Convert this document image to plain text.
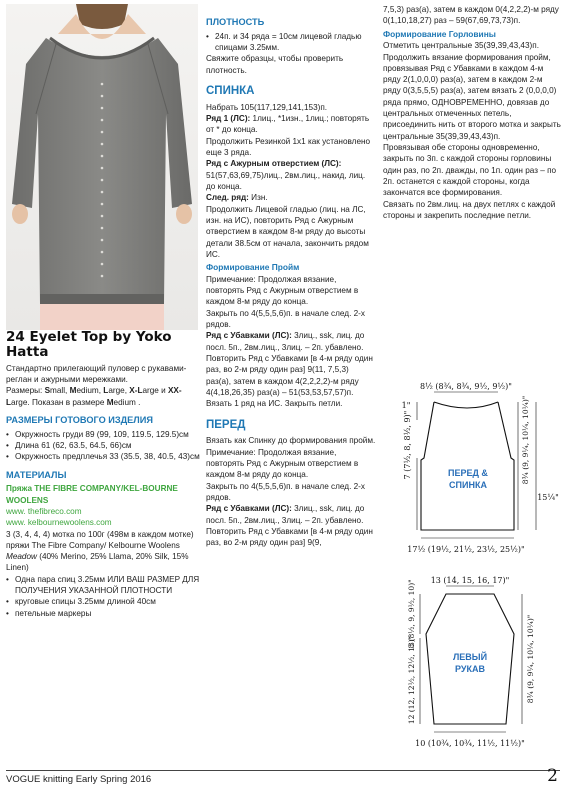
24 Eyelet Top by Yoko Hatta

Стандартно прилегающий пуловер с рукавами-реглан и ажурными мережками.

Размеры: Small, Medium, Large, X-Large и XX-Large. Показан в размере Medium .

РАЗМЕРЫ ГОТОВОГО ИЗДЕЛИЯ
• Окружность груди 89 (99, 109, 119.5, 129.5)см
• Длина 61 (62, 63.5, 64.5, 66)см
• Окружность предплечья 33 (35.5, 38, 40.5, 43)см
МАТЕРИАЛЫ

Пряжа THE FIBRE COMPANY/KEL-BOURNE WOOLENS

www. thefibreco.com

www. kelbournewoolens.com

3 (3, 4, 4, 4) мотка по 100г (498м в каждом мотке) пряжи The Fibre Company/ Kelbourne Woolens Meadow (40% Merino, 25% Llama, 20% Silk, 15% Linen)

• Одна пара спиц 3.25мм ИЛИ ВАШ РАЗМЕР ДЛЯ ПОЛУЧЕНИЯ УКАЗАННОЙ ПЛОТНОСТИ
• круговые спицы 3.25мм длиной 40см
• петельные маркеры
ПЛОТНОСТЬ
• 24п. и 34 ряда = 10см лицевой гладью спицами 3.25мм.

Свяжите образцы, чтобы проверить плотность.

СПИНКА

Набрать 105(117,129,141,153)п.

Ряд 1 (ЛС): 1лиц., *1изн., 1лиц.; повторять от * до конца.

Продолжить Резинкой 1х1 как установлено еще 3 ряда.

Ряд с Ажурным отверстием (ЛС):

51(57,63,69,75)лиц., 2вм.лиц., накид, лиц. до конца.

След. ряд: Изн.

Продолжить Лицевой гладью (лиц. на ЛС, изн. на ИС), повторить Ряд с Ажурным отверстием в каждом 8-м ряду до высоты детали 38.5см от начала, закончить рядом ИС.

Формирование Пройм

Примечание: Продолжая вязание, повторять Ряд с Ажурным отверстием в каждом 8-м ряду до конца.

Закрыть по 4(5,5,5,6)п. в начале след. 2-х рядов.

Ряд с Убавками (ЛС): 3лиц., ssk, лиц. до посл. 5п., 2вм.лиц., 3лиц. – 2п. убавлено.

Повторить Ряд с Убавками [в 4-м ряду один раз, во 2-м ряду один раз] 9(11, 7,5,3) раз(а), затем в каждом 4(2,2,2,2)-м ряду 4(4,18,26,35) раз(а) – 51(53,53,57,57)п.

Вязать 1 ряд на ИС. Закрыть петли.

ПЕРЕД

Вязать как Спинку до формирования пройм.

Примечание: Продолжая вязание, повторять Ряд с Ажурным отверстием в каждом 8-м ряду до конца.

Закрыть по 4(5,5,5,6)п. в начале след. 2-х рядов.

Ряд с Убавками (ЛС): 3лиц., ssk, лиц. до посл. 5п., 2вм.лиц., 3лиц. – 2п. убавлено.

Повторить Ряд с Убавками [в 4-м ряду один раз, во 2-м ряду один раз] 9(9,

7,5,3) раз(а), затем в каждом 0(4,2,2,2)-м ряду 0(1,10,18,27) раз – 59(67,69,73,73)п.

Формирование Горловины

Отметить центральные 35(39,39,43,43)п.

Продолжить вязание формирования пройм, провязывая Ряд с Убавками в каждом 4-м ряду 2(1,0,0,0) раз(а), затем в каждом 2-м ряду 0(3,5,5,5) раз(а), затем вязать 2 (0,0,0,0) ряда прямо, ОДНОВРЕМЕННО, довязав до центральных отмеченных петель, присоединить нить от второго мотка и закрыть центральные 35(39,39,43,43)п.

Провязывая обе стороны одновременно, закрыть по 3п. с каждой стороны горловины один раз, по 2п. дважды, по 1п. один раз – по 2п. останется с каждой стороны, когда закончатся все формирования.

Связать по 2вм.лиц. на двух петлях с каждой стороны и закрепить последние петли.

8½ (8¾, 8¾, 9½, 9½)"
1"
7 (7½, 8, 8½, 9)"	ПЕРЕД &
СПИНКА
8¾ (9, 9¼, 10¼, 10¼)"
15¼"
17½ (19½, 21½, 23½, 25½)"
13 (14, 15, 16, 17)"
8 (8½, 9, 9½, 10)"
ЛЕВЫЙ
РУКАВ
12 (12, 12½, 12½, 13)"	8¾ (9, 9¼, 10¼, 10¼)"
10 (10¾, 10¾, 11½, 11½)"
VOGUE knitting Early Spring 2016	2
